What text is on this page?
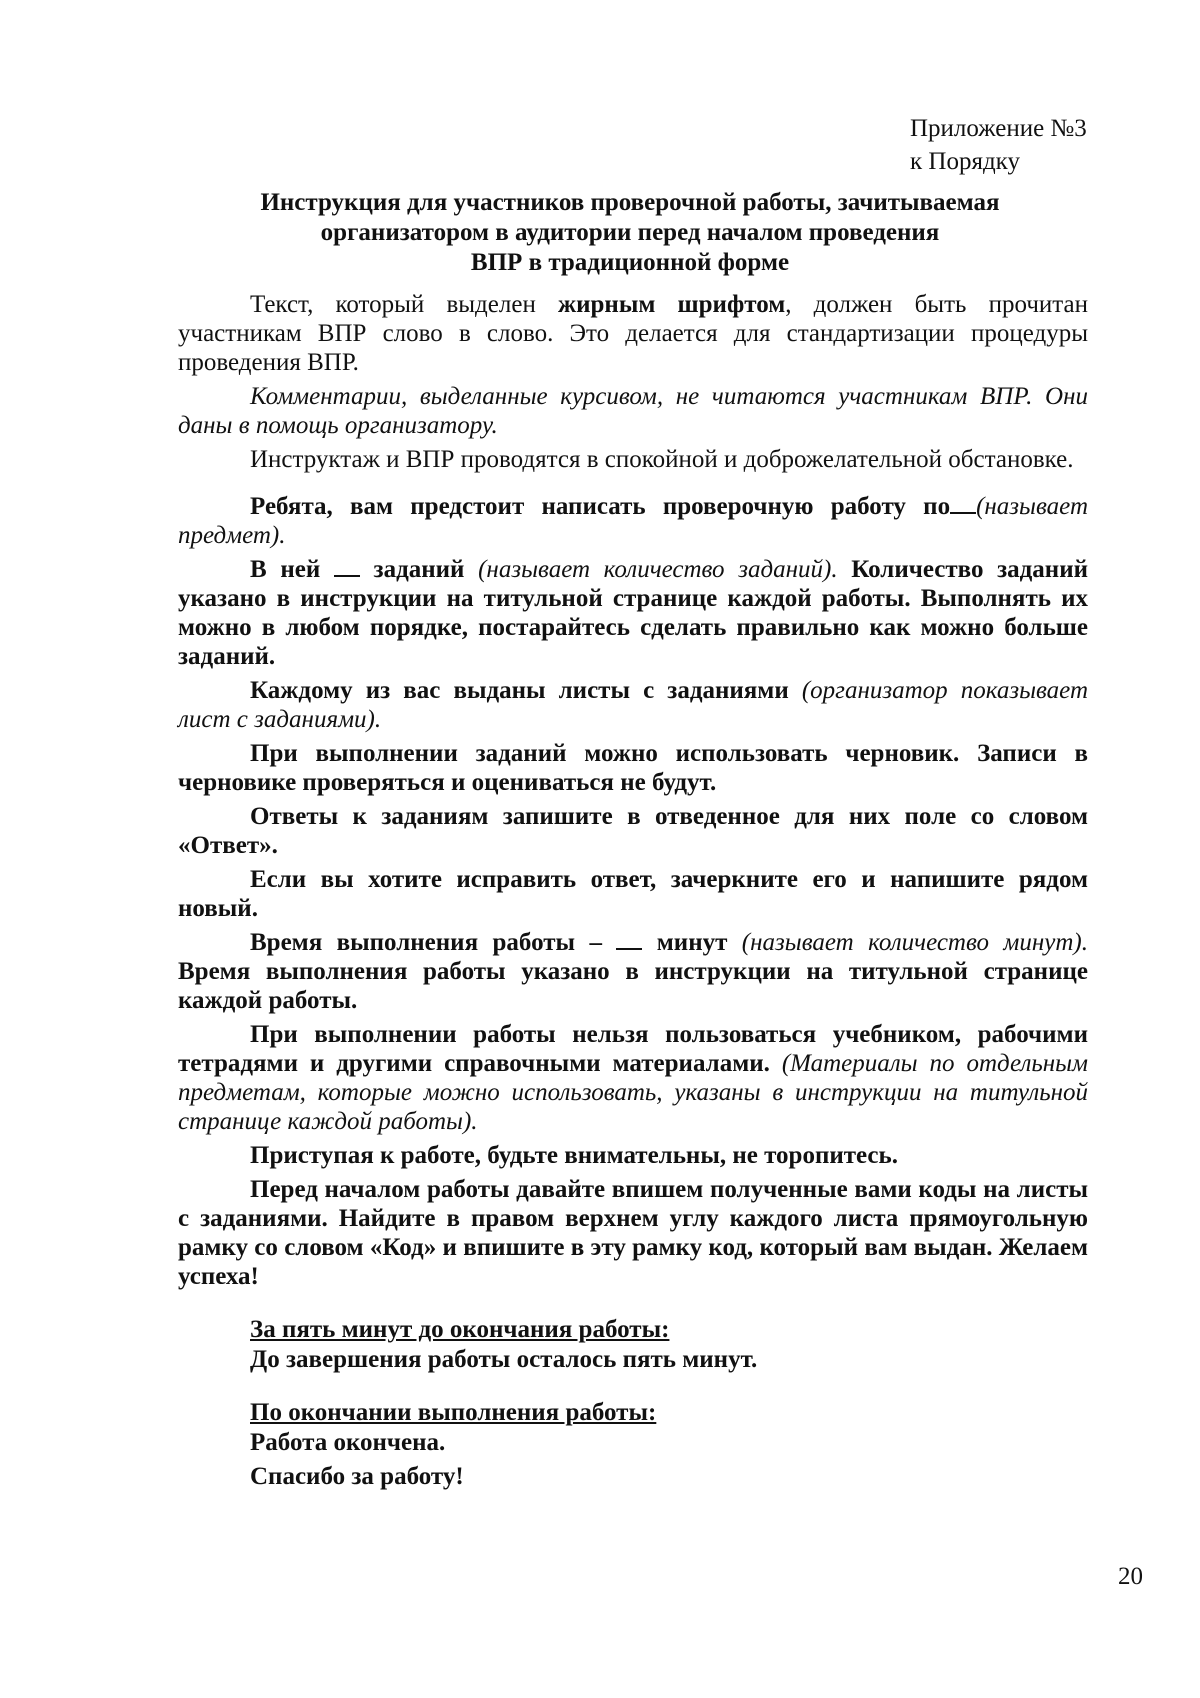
Приложение №3
к Порядку
Инструкция для участников проверочной работы, зачитываемая
организатором в аудитории перед началом проведения
ВПР в традиционной форме

Текст, который выделен жирным шрифтом, должен быть прочитан участникам ВПР слово в слово. Это делается для стандартизации процедуры проведения ВПР.

Комментарии, выделанные курсивом, не читаются участникам ВПР. Они даны в помощь организатору.

Инструктаж и ВПР проводятся в спокойной и доброжелательной обстановке.

Ребята, вам предстоит написать проверочную работу по (называет предмет).

В ней заданий (называет количество заданий). Количество заданий указано в инструкции на титульной странице каждой работы. Выполнять их можно в любом порядке, постарайтесь сделать правильно как можно больше заданий.

Каждому из вас выданы листы с заданиями (организатор показывает лист с заданиями).

При выполнении заданий можно использовать черновик. Записи в черновике проверяться и оцениваться не будут.

Ответы к заданиям запишите в отведенное для них поле со словом «Ответ».

Если вы хотите исправить ответ, зачеркните его и напишите рядом новый.

Время выполнения работы – минут (называет количество минут). Время выполнения работы указано в инструкции на титульной странице каждой работы.

При выполнении работы нельзя пользоваться учебником, рабочими тетрадями и другими справочными материалами. (Материалы по отдельным предметам, которые можно использовать, указаны в инструкции на титульной странице каждой работы).

Приступая к работе, будьте внимательны, не торопитесь.

Перед началом работы давайте впишем полученные вами коды на листы с заданиями. Найдите в правом верхнем углу каждого листа прямоугольную рамку со словом «Код» и впишите в эту рамку код, который вам выдан. Желаем успеха!

За пять минут до окончания работы:

До завершения работы осталось пять минут.

По окончании выполнения работы:

Работа окончена.

Спасибо за работу!

20
